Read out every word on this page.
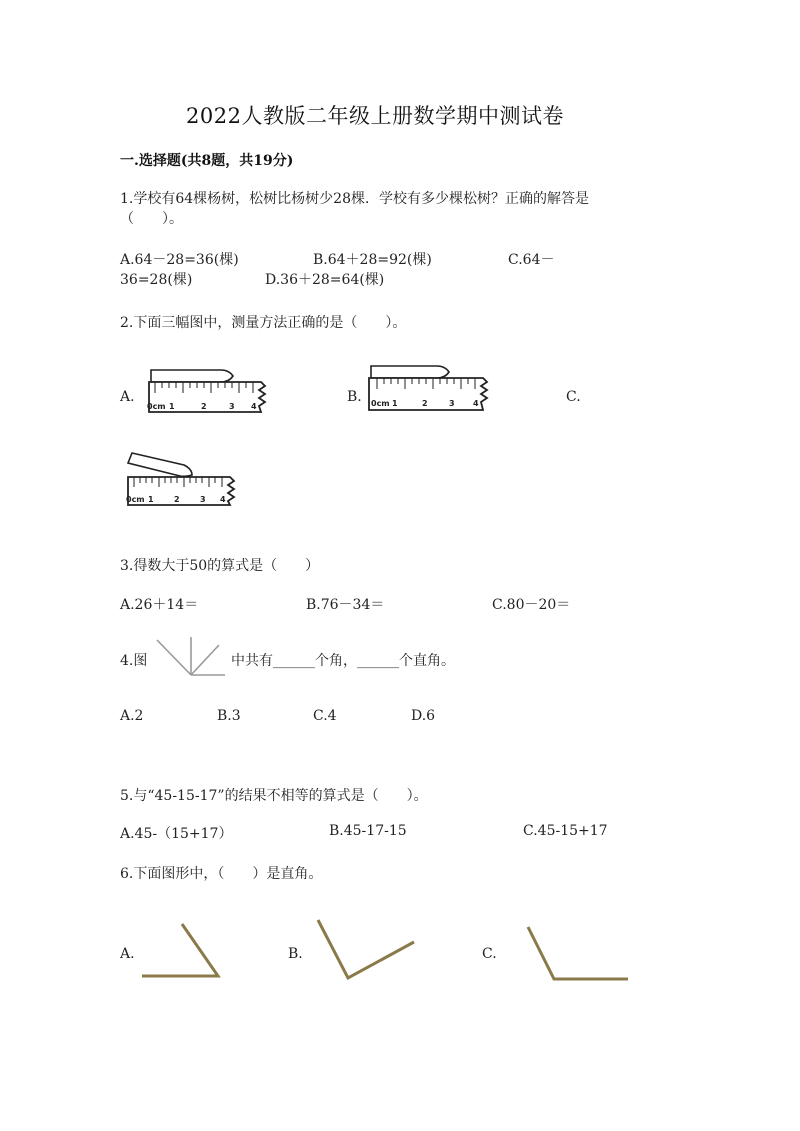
2022人教版二年级上册数学期中测试卷
一.选择题(共8题，共19分)
1.学校有64棵杨树，松树比杨树少28棵．学校有多少棵松树？正确的解答是
（　　）。
A.64－28=36(棵)	B.64＋28=92(棵)	C.64－
36=28(棵)	D.36＋28=64(棵)
2.下面三幅图中，测量方法正确的是（　　）。
A.	B.	C.
0cm 1	2	3 4	0cm 1	2	3 4
0cm 1	2	3 4
3.得数大于50的算式是（　　）
A.26＋14＝	B.76－34＝	C.80－20＝
4.图	中共有______个角，______个直角。
A.2	B.3	C.4	D.6
5.与“45-15-17”的结果不相等的算式是（　　）。
A.45-（15+17）	B.45-17-15	C.45-15+17
6.下面图形中，（　　）是直角。
A.	B.	C.
